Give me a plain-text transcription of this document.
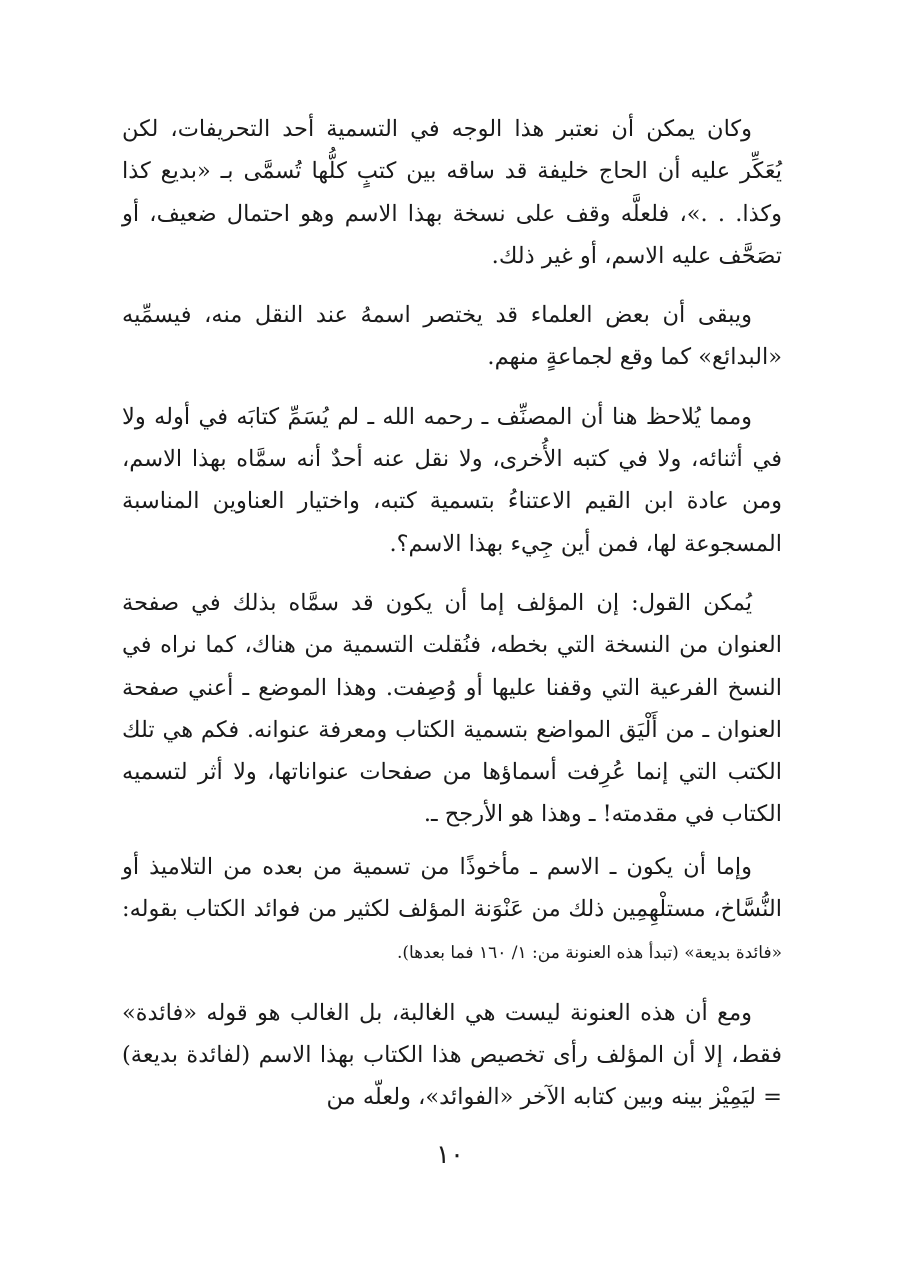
وكان يمكن أن نعتبر هذا الوجه في التسمية أحد التحريفات، لكن يُعَكِّر عليه أن الحاج خليفة قد ساقه بين كتبٍ كلُّها تُسمَّى بـ «بديع كذا وكذا. . .»، فلعلَّه وقف على نسخة بهذا الاسم وهو احتمال ضعيف، أو تصَحَّف عليه الاسم، أو غير ذلك.

ويبقى أن بعض العلماء قد يختصر اسمهُ عند النقل منه، فيسمِّيه «البدائع» كما وقع لجماعةٍ منهم.

ومما يُلاحظ هنا أن المصنِّف ـ رحمه الله ـ لم يُسَمِّ كتابَه في أوله ولا في أثنائه، ولا في كتبه الأُخرى، ولا نقل عنه أحدٌ أنه سمَّاه بهذا الاسم، ومن عادة ابن القيم الاعتناءُ بتسمية كتبه، واختيار العناوين المناسبة المسجوعة لها، فمن أين جِيء بهذا الاسم؟.

يُمكن القول: إن المؤلف إما أن يكون قد سمَّاه بذلك في صفحة العنوان من النسخة التي بخطه، فنُقلت التسمية من هناك، كما نراه في النسخ الفرعية التي وقفنا عليها أو وُصِفت. وهذا الموضع ـ أعني صفحة العنوان ـ من أَلْيَق المواضع بتسمية الكتاب ومعرفة عنوانه. فكم هي تلك الكتب التي إنما عُرِفت أسماؤها من صفحات عنواناتها، ولا أثر لتسميه الكتاب في مقدمته! ـ وهذا هو الأرجح ـ.

وإما أن يكون ـ الاسم ـ مأخوذًا من تسمية من بعده من التلاميذ أو النُّسَّاخ، مستلْهِمِين ذلك من عَنْوَنة المؤلف لكثير من فوائد الكتاب بقوله: «فائدة بديعة» (تبدأ هذه العنونة من: ١/ ١٦٠ فما بعدها).

ومع أن هذه العنونة ليست هي الغالبة، بل الغالب هو قوله «فائدة» فقط، إلا أن المؤلف رأى تخصيص هذا الكتاب بهذا الاسم (لفائدة بديعة) = ليَمِيْز بينه وبين كتابه الآخر «الفوائد»، ولعلّه من

١٠
